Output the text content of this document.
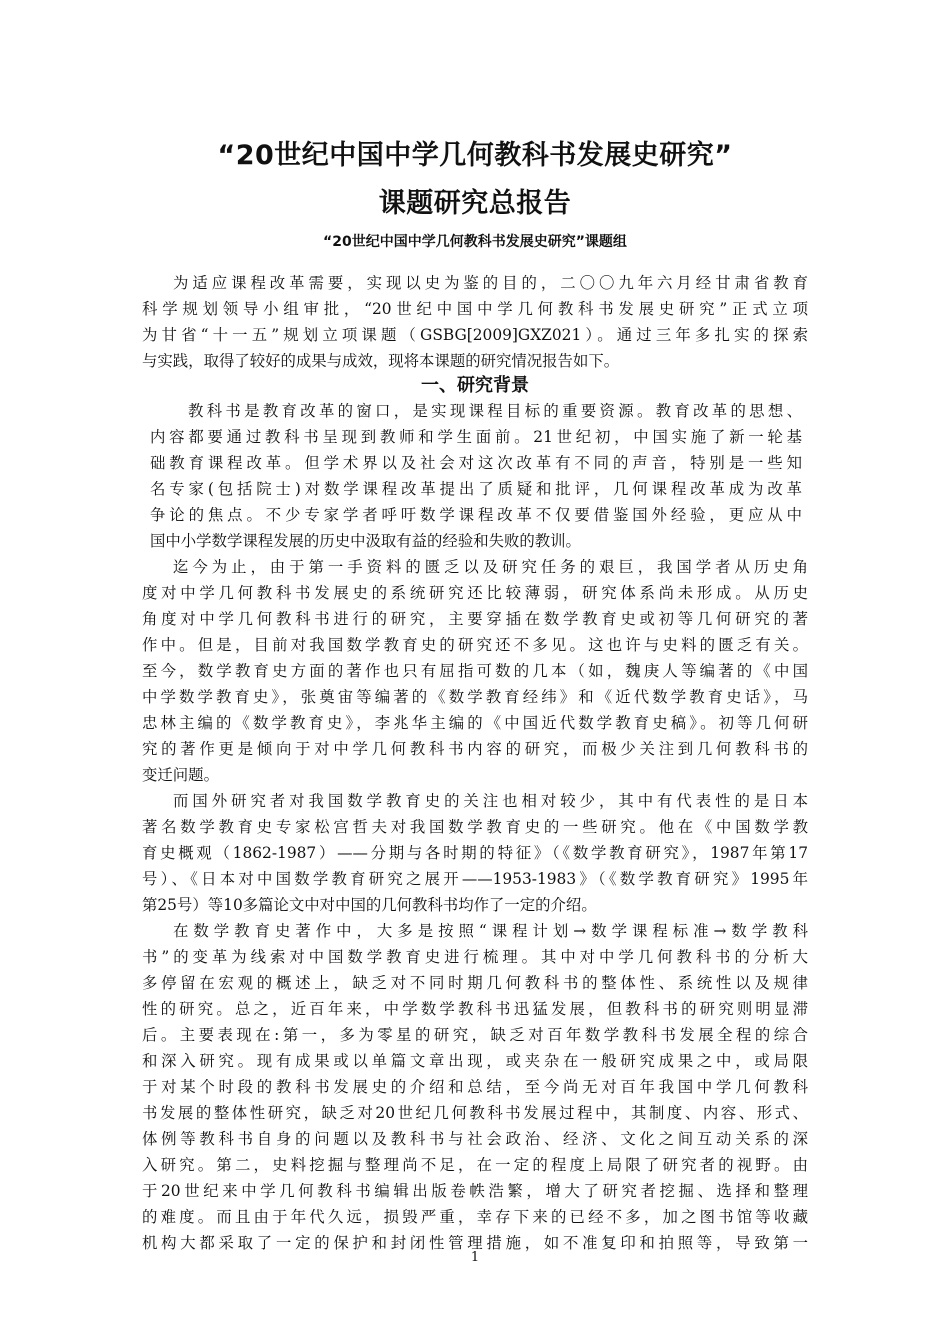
“20世纪中国中学几何教科书发展史研究”
课题研究总报告
“20世纪中国中学几何教科书发展史研究”课题组
为适应课程改革需要，实现以史为鉴的目的，二〇〇九年六月经甘肃省教育
科学规划领导小组审批，“20世纪中国中学几何教科书发展史研究”正式立项
为甘省“十一五”规划立项课题（GSBG[2009]GXZ021）。通过三年多扎实的探索
与实践，取得了较好的成果与成效，现将本课题的研究情况报告如下。
一、研究背景
教科书是教育改革的窗口，是实现课程目标的重要资源。教育改革的思想、
内容都要通过教科书呈现到教师和学生面前。21世纪初，中国实施了新一轮基
础教育课程改革。但学术界以及社会对这次改革有不同的声音，特别是一些知
名专家(包括院士)对数学课程改革提出了质疑和批评，几何课程改革成为改革
争论的焦点。不少专家学者呼吁数学课程改革不仅要借鉴国外经验，更应从中
国中小学数学课程发展的历史中汲取有益的经验和失败的教训。
迄今为止，由于第一手资料的匮乏以及研究任务的艰巨，我国学者从历史角
度对中学几何教科书发展史的系统研究还比较薄弱，研究体系尚未形成。从历史
角度对中学几何教科书进行的研究，主要穿插在数学教育史或初等几何研究的著
作中。但是，目前对我国数学教育史的研究还不多见。这也许与史料的匮乏有关。
至今，数学教育史方面的著作也只有屈指可数的几本（如，魏庚人等编著的《中国
中学数学教育史》，张奠宙等编著的《数学教育经纬》和《近代数学教育史话》，马
忠林主编的《数学教育史》，李兆华主编的《中国近代数学教育史稿》。初等几何研
究的著作更是倾向于对中学几何教科书内容的研究，而极少关注到几何教科书的
变迁问题。
而国外研究者对我国数学教育史的关注也相对较少，其中有代表性的是日本
著名数学教育史专家松宫哲夫对我国数学教育史的一些研究。他在《中国数学教
育史概观（1862-1987）——分期与各时期的特征》（《数学教育研究》，1987年第17
号）、《日本对中国数学教育研究之展开——1953-1983》（《数学教育研究》1995年
第25号）等10多篇论文中对中国的几何教科书均作了一定的介绍。
在数学教育史著作中，大多是按照“课程计划→数学课程标准→数学教科
书”的变革为线索对中国数学教育史进行梳理。其中对中学几何教科书的分析大
多停留在宏观的概述上，缺乏对不同时期几何教科书的整体性、系统性以及规律
性的研究。总之，近百年来，中学数学教科书迅猛发展，但教科书的研究则明显滞
后。主要表现在:第一，多为零星的研究，缺乏对百年数学教科书发展全程的综合
和深入研究。现有成果或以单篇文章出现，或夹杂在一般研究成果之中，或局限
于对某个时段的教科书发展史的介绍和总结，至今尚无对百年我国中学几何教科
书发展的整体性研究，缺乏对20世纪几何教科书发展过程中，其制度、内容、形式、
体例等教科书自身的问题以及教科书与社会政治、经济、文化之间互动关系的深
入研究。第二，史料挖掘与整理尚不足，在一定的程度上局限了研究者的视野。由
于20世纪来中学几何教科书编辑出版卷帙浩繁，增大了研究者挖掘、选择和整理
的难度。而且由于年代久远，损毁严重，幸存下来的已经不多，加之图书馆等收藏
机构大都采取了一定的保护和封闭性管理措施，如不准复印和拍照等，导致第一
1
